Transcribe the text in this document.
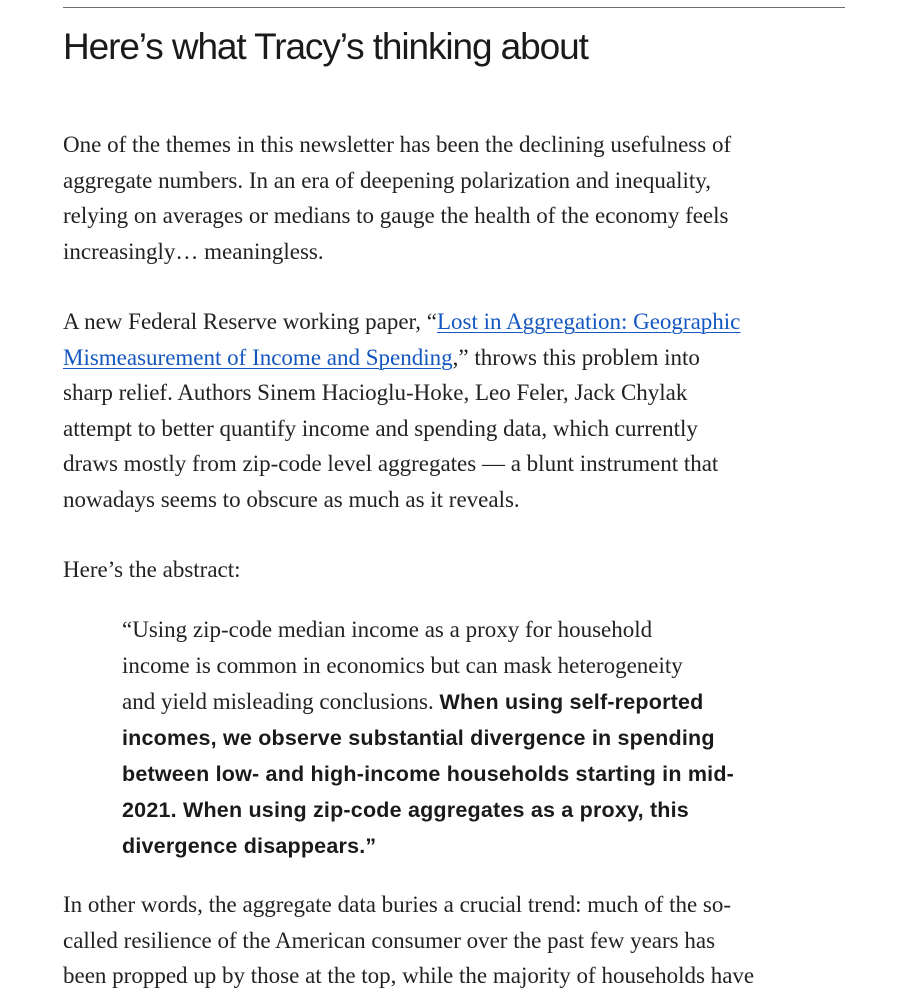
Here’s what Tracy’s thinking about

One of the themes in this newsletter has been the declining usefulness of
aggregate numbers. In an era of deepening polarization and inequality,
relying on averages or medians to gauge the health of the economy feels
increasingly… meaningless.

A new Federal Reserve working paper, “Lost in Aggregation: Geographic
Mismeasurement of Income and Spending,” throws this problem into
sharp relief. Authors Sinem Hacioglu-Hoke, Leo Feler, Jack Chylak
attempt to better quantify income and spending data, which currently
draws mostly from zip-code level aggregates — a blunt instrument that
nowadays seems to obscure as much as it reveals.

Here’s the abstract:

“Using zip-code median income as a proxy for household
income is common in economics but can mask heterogeneity
and yield misleading conclusions. When using self-reported
incomes, we observe substantial divergence in spending
between low- and high-income households starting in mid-
2021. When using zip-code aggregates as a proxy, this
divergence disappears.”

In other words, the aggregate data buries a crucial trend: much of the so-
called resilience of the American consumer over the past few years has
been propped up by those at the top, while the majority of households have
